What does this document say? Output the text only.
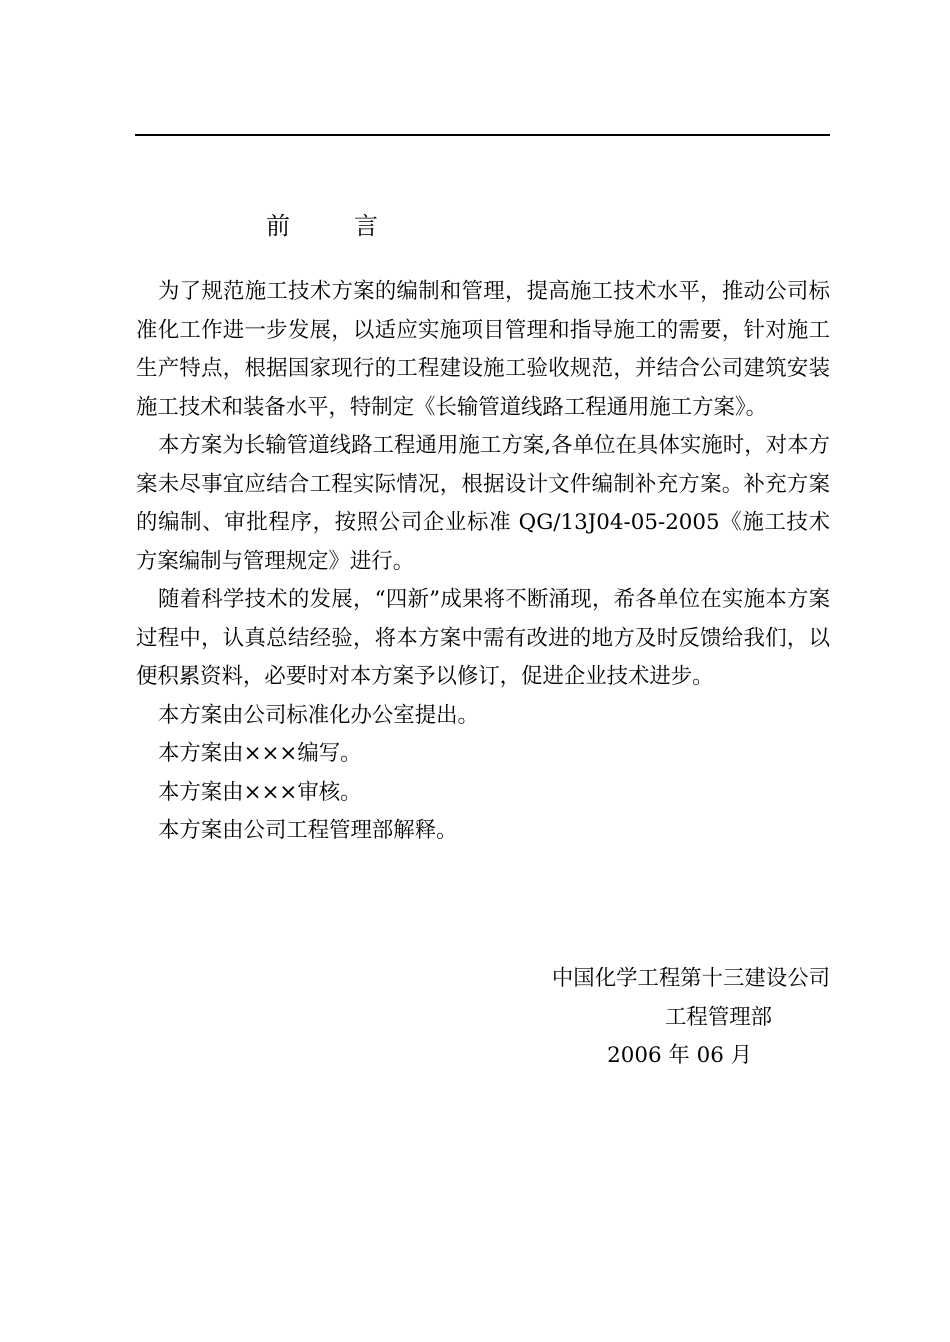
前	言

为了规范施工技术方案的编制和管理，提高施工技术水平，推动公司标准化工作进一步发展，以适应实施项目管理和指导施工的需要，针对施工生产特点，根据国家现行的工程建设施工验收规范，并结合公司建筑安装施工技术和装备水平，特制定《长输管道线路工程通用施工方案》。

本方案为长输管道线路工程通用施工方案,各单位在具体实施时，对本方案未尽事宜应结合工程实际情况，根据设计文件编制补充方案。补充方案的编制、审批程序，按照公司企业标准 QG/13J04-05-2005《施工技术方案编制与管理规定》进行。

随着科学技术的发展，“四新”成果将不断涌现，希各单位在实施本方案过程中，认真总结经验，将本方案中需有改进的地方及时反馈给我们，以便积累资料，必要时对本方案予以修订，促进企业技术进步。

本方案由公司标准化办公室提出。

本方案由×××编写。

本方案由×××审核。

本方案由公司工程管理部解释。

中国化学工程第十三建设公司
工程管理部
2006 年 06 月
